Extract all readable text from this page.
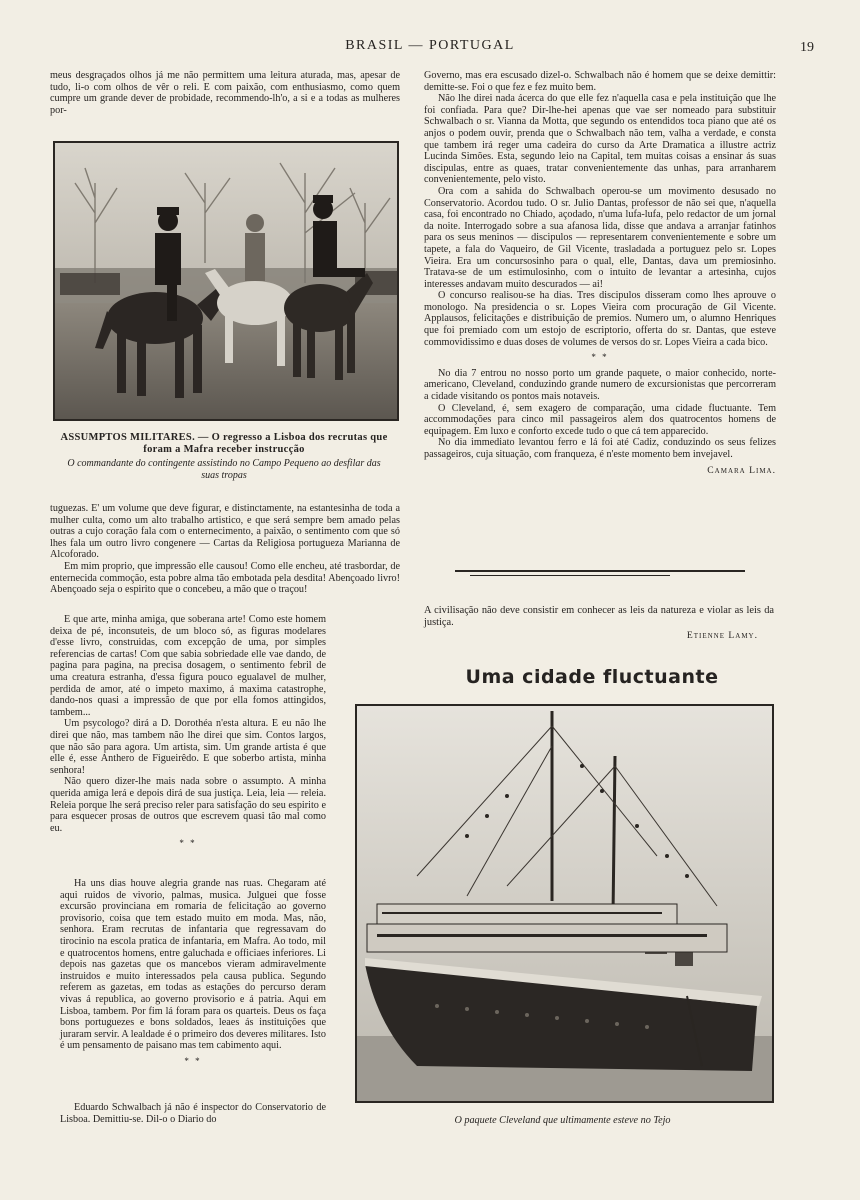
BRASIL — PORTUGAL	19

meus desgraçados olhos já me não permittem uma leitura aturada, mas, apesar de tudo, li-o com olhos de vêr o reli. E com paixão, com enthusiasmo, como quem cumpre um grande dever de probidade, recommendo-lh'o, a si e a todas as mulheres por-

ASSUMPTOS MILITARES. — O regresso a Lisboa dos recrutas que foram a Mafra receber instrucção
O commandante do contingente assistindo no Campo Pequeno ao desfilar das suas tropas

tuguezas. E' um volume que deve figurar, e distinctamente, na estantesinha de toda a mulher culta, como um alto trabalho artistico, e que será sempre bem amado pelas outras a cujo coração fala com o enternecimento, a paixão, o sentimento com que só lhes fala um outro livro congenere — Cartas da Religiosa portugueza Marianna de Alcoforado.

Em mim proprio, que impressão elle causou! Como elle encheu, até trasbordar, de enternecida commoção, esta pobre alma tão embotada pela desdita! Abençoado livro! Abençoado seja o espirito que o concebeu, a mão que o traçou!

E que arte, minha amiga, que soberana arte! Como este homem deixa de pé, inconsuteis, de um bloco só, as figuras modelares d'esse livro, construidas, com excepção de uma, por simples referencias de cartas! Com que sabia sobriedade elle vae dando, de pagina para pagina, na precisa dosagem, o sentimento febril de uma creatura estranha, d'essa figura pouco egualavel de mulher, perdida de amor, até o impeto maximo, á maxima catastrophe, dando-nos quasi a impressão de que por ella fomos attingidos, tambem...

Um psycologo? dirá a D. Dorothéa n'esta altura. E eu não lhe direi que não, mas tambem não lhe direi que sim. Contos largos, que não são para agora. Um artista, sim. Um grande artista é que elle é, esse Anthero de Figueirêdo. E que soberbo artista, minha senhora!

Não quero dizer-lhe mais nada sobre o assumpto. A minha querida amiga lerá e depois dirá de sua justiça. Leia, leia — releia. Releia porque lhe será preciso reler para satisfação do seu espirito e para esquecer prosas de outros que escrevem quasi tão mal como eu.

* *

Ha uns dias houve alegria grande nas ruas. Chegaram até aqui ruidos de vivorio, palmas, musica. Julguei que fosse excursão provinciana em romaria de felicitação ao governo provisorio, coisa que tem estado muito em moda. Mas, não, senhora. Eram recrutas de infantaria que regressavam do tirocinio na escola pratica de infantaria, em Mafra. Ao todo, mil e quatrocentos homens, entre galuchada e officiaes inferiores. Li depois nas gazetas que os mancebos vieram admiravelmente instruidos e muito interessados pela causa publica. Segundo referem as gazetas, em todas as estações do percurso deram vivas á republica, ao governo provisorio e á patria. Aqui em Lisboa, tambem. Por fim lá foram para os quarteis. Deus os faça bons portuguezes e bons soldados, leaes ás instituições que juraram servir. A lealdade é o primeiro dos deveres militares. Isto é um pensamento de paisano mas tem cabimento aqui.

* *

Eduardo Schwalbach já não é inspector do Conservatorio de Lisboa. Demittiu-se. Dil-o o Diario do

Governo, mas era escusado dizel-o. Schwalbach não é homem que se deixe demittir: demitte-se. Foi o que fez e fez muito bem.

Não lhe direi nada ácerca do que elle fez n'aquella casa e pela instituição que lhe foi confiada. Para que? Dir-lhe-hei apenas que vae ser nomeado para substituir Schwalbach o sr. Vianna da Motta, que segundo os entendidos toca piano que até os anjos o podem ouvir, prenda que o Schwalbach não tem, valha a verdade, e consta que tambem irá reger uma cadeira do curso da Arte Dramatica a illustre actriz Lucinda Simões. Esta, segundo leio na Capital, tem muitas coisas a ensinar ás suas discipulas, entre as quaes, tratar convenientemente das unhas, para arranharem convenientemente, pelo visto.

Ora com a sahida do Schwalbach operou-se um movimento desusado no Conservatorio. Acordou tudo. O sr. Julio Dantas, professor de não sei que, n'aquella casa, foi encontrado no Chiado, açodado, n'uma lufa-lufa, pelo redactor de um jornal da noite. Interrogado sobre a sua afanosa lida, disse que andava a arranjar fatinhos para os seus meninos — discipulos — representarem convenientemente e sobre um tapete, a fala do Vaqueiro, de Gil Vicente, trasladada a portuguez pelo sr. Lopes Vieira. Era um concursosinho para o qual, elle, Dantas, dava um premiosinho. Tratava-se de um estimulosinho, com o intuito de levantar a artesinha, cujos interesses andavam muito descurados — ai!

O concurso realisou-se ha dias. Tres discipulos disseram como lhes aprouve o monologo. Na presidencia o sr. Lopes Vieira com procuração de Gil Vicente. Applausos, felicitações e distribuição de premios. Numero um, o alumno Henriques que foi premiado com um estojo de escriptorio, offerta do sr. Dantas, que esteve commovidissimo e duas doses de volumes de versos do sr. Lopes Vieira a cada bico.

* *

No dia 7 entrou no nosso porto um grande paquete, o maior conhecido, norte-americano, Cleveland, conduzindo grande numero de excursionistas que percorreram a cidade visitando os pontos mais notaveis.

O Cleveland, é, sem exagero de comparação, uma cidade fluctuante. Tem accommodações para cinco mil passageiros alem dos quatrocentos homens de equipagem. Em luxo e conforto excede tudo o que cá tem apparecido.

No dia immediato levantou ferro e lá foi até Cadiz, conduzindo os seus felizes passageiros, cuja situação, com franqueza, é n'este momento bem invejavel.

Camara Lima.
A civilisação não deve consistir em conhecer as leis da natureza e violar as leis da justiça.
Etienne Lamy.
Uma cidade fluctuante
O paquete Cleveland que ultimamente esteve no Tejo
